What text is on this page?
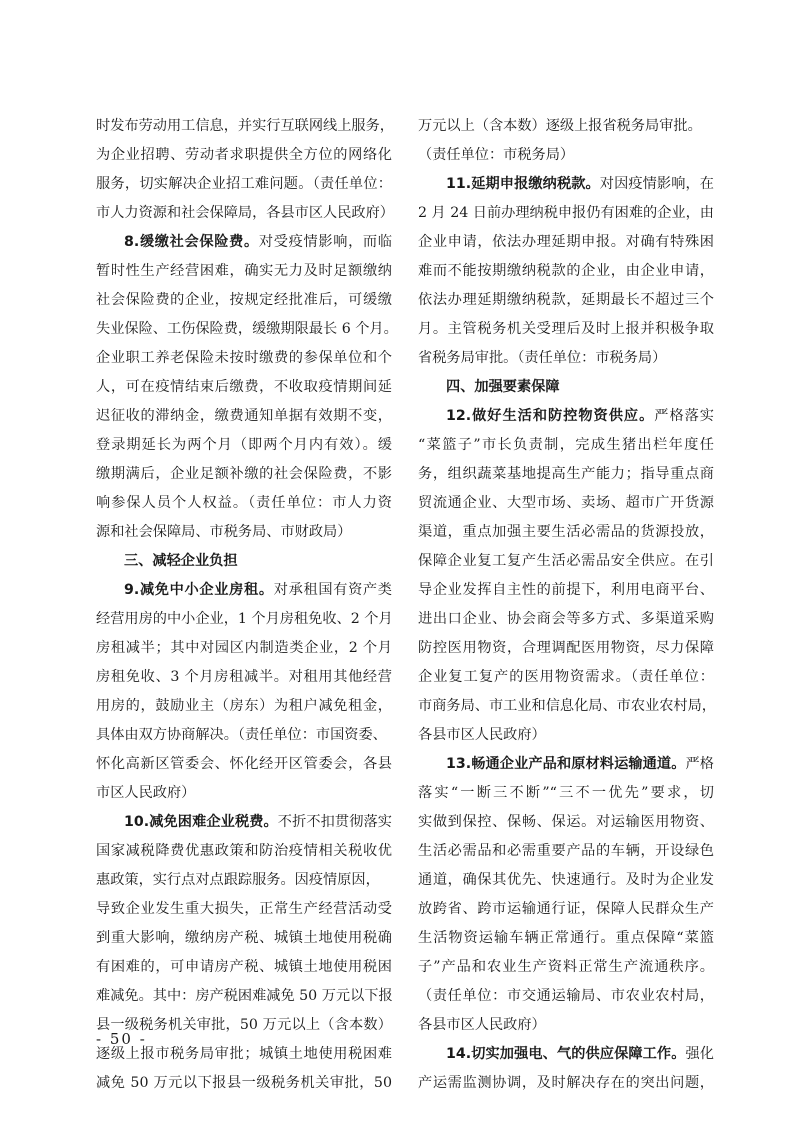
时发布劳动用工信息，并实行互联网线上服务，
为企业招聘、劳动者求职提供全方位的网络化
服务，切实解决企业招工难问题。（责任单位：
市人力资源和社会保障局，各县市区人民政府）
8.缓缴社会保险费。对受疫情影响，而临
暂时性生产经营困难，确实无力及时足额缴纳
社会保险费的企业，按规定经批准后，可缓缴
失业保险、工伤保险费，缓缴期限最长 6 个月。
企业职工养老保险未按时缴费的参保单位和个
人，可在疫情结束后缴费，不收取疫情期间延
迟征收的滞纳金，缴费通知单据有效期不变，
登录期延长为两个月（即两个月内有效）。缓
缴期满后，企业足额补缴的社会保险费，不影
响参保人员个人权益。（责任单位：市人力资
源和社会保障局、市税务局、市财政局）
三、减轻企业负担
9.减免中小企业房租。对承租国有资产类
经营用房的中小企业，1 个月房租免收、2 个月
房租减半；其中对园区内制造类企业，2 个月
房租免收、3 个月房租减半。对租用其他经营
用房的，鼓励业主（房东）为租户减免租金，
具体由双方协商解决。（责任单位：市国资委、
怀化高新区管委会、怀化经开区管委会，各县
市区人民政府）
10.减免困难企业税费。不折不扣贯彻落实
国家减税降费优惠政策和防治疫情相关税收优
惠政策，实行点对点跟踪服务。因疫情原因，
导致企业发生重大损失，正常生产经营活动受
到重大影响，缴纳房产税、城镇土地使用税确
有困难的，可申请房产税、城镇土地使用税困
难减免。其中：房产税困难减免 50 万元以下报
县一级税务机关审批，50 万元以上（含本数）
逐级上报市税务局审批；城镇土地使用税困难
减免 50 万元以下报县一级税务机关审批，50
万元以上（含本数）逐级上报省税务局审批。
（责任单位：市税务局）
11.延期申报缴纳税款。对因疫情影响，在
2 月 24 日前办理纳税申报仍有困难的企业，由
企业申请，依法办理延期申报。对确有特殊困
难而不能按期缴纳税款的企业，由企业申请，
依法办理延期缴纳税款，延期最长不超过三个
月。主管税务机关受理后及时上报并积极争取
省税务局审批。（责任单位：市税务局）
四、加强要素保障
12.做好生活和防控物资供应。严格落实
“菜篮子”市长负责制，完成生猪出栏年度任
务，组织蔬菜基地提高生产能力；指导重点商
贸流通企业、大型市场、卖场、超市广开货源
渠道，重点加强主要生活必需品的货源投放，
保障企业复工复产生活必需品安全供应。在引
导企业发挥自主性的前提下，利用电商平台、
进出口企业、协会商会等多方式、多渠道采购
防控医用物资，合理调配医用物资，尽力保障
企业复工复产的医用物资需求。（责任单位：
市商务局、市工业和信息化局、市农业农村局，
各县市区人民政府）
13.畅通企业产品和原材料运输通道。严格
落实“一断三不断”“三不一优先”要求，切
实做到保控、保畅、保运。对运输医用物资、
生活必需品和必需重要产品的车辆，开设绿色
通道，确保其优先、快速通行。及时为企业发
放跨省、跨市运输通行证，保障人民群众生产
生活物资运输车辆正常通行。重点保障“菜篮
子”产品和农业生产资料正常生产流通秩序。
（责任单位：市交通运输局、市农业农村局，
各县市区人民政府）
14.切实加强电、气的供应保障工作。强化
产运需监测协调，及时解决存在的突出问题，
- 50 -
